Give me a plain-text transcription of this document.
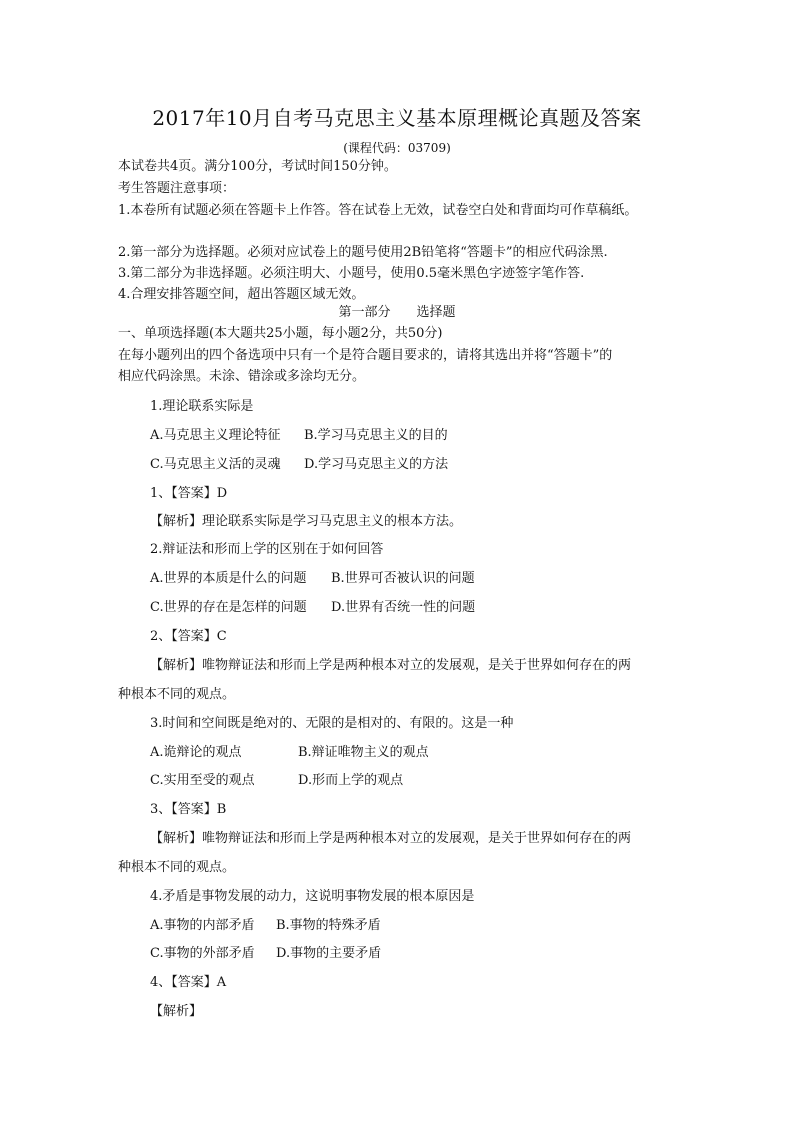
2017年10月自考马克思主义基本原理概论真题及答案
(课程代码：03709)
本试卷共4页。满分100分，考试时间150分钟。
考生答题注意事项：
1.本卷所有试题必须在答题卡上作答。答在试卷上无效，试卷空白处和背面均可作草稿纸。
2.第一部分为选择题。必须对应试卷上的题号使用2B铅笔将“答题卡”的相应代码涂黑.
3.第二部分为非选择题。必须注明大、小题号，使用0.5毫米黑色字迹签字笔作答.
4.合理安排答题空间，超出答题区域无效。
第一部分 选择题
一、单项选择题(本大题共25小题，每小题2分，共50分)
在每小题列出的四个备选项中只有一个是符合题目要求的，请将其选出并将“答题卡”的
相应代码涂黑。未涂、错涂或多涂均无分。
1.理论联系实际是
A.马克思主义理论特征 B.学习马克思主义的目的
C.马克思主义活的灵魂 D.学习马克思主义的方法
1、【答案】D
【解析】理论联系实际是学习马克思主义的根本方法。
2.辩证法和形而上学的区别在于如何回答
A.世界的本质是什么的问题 B.世界可否被认识的问题
C.世界的存在是怎样的问题 D.世界有否统一性的问题
2、【答案】C
【解析】唯物辩证法和形而上学是两种根本对立的发展观，是关于世界如何存在的两
种根本不同的观点。
3.时间和空间既是绝对的、无限的是相对的、有限的。这是一种
A.诡辩论的观点	B.辩证唯物主义的观点
C.实用至受的观点	D.形而上学的观点
3、【答案】B
【解析】唯物辩证法和形而上学是两种根本对立的发展观，是关于世界如何存在的两
种根本不同的观点。
4.矛盾是事物发展的动力，这说明事物发展的根本原因是
A.事物的内部矛盾 B.事物的特殊矛盾
C.事物的外部矛盾 D.事物的主要矛盾
4、【答案】A
【解析】
